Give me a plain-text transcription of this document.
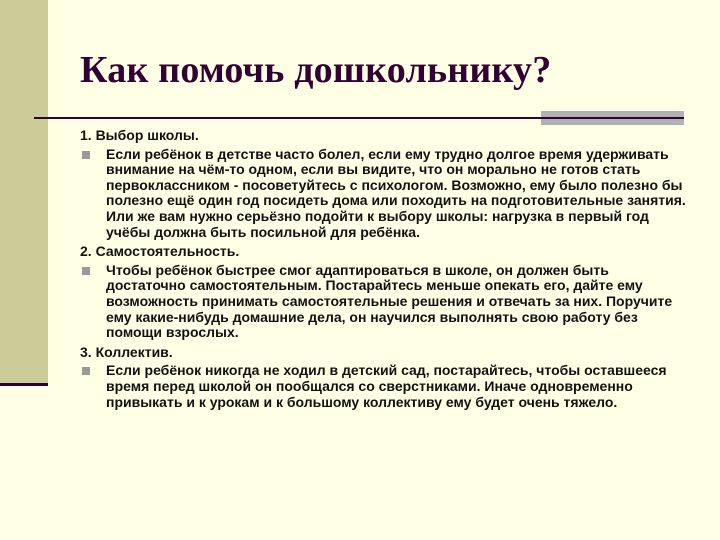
Как помочь дошкольнику?
1. Выбор школы.
Если ребёнок в детстве часто болел, если ему трудно долгое время удерживать внимание на чём-то одном, если вы видите, что он морально не готов стать первоклассником - посоветуйтесь с психологом. Возможно, ему было полезно бы полезно ещё один год посидеть дома или походить на подготовительные занятия. Или же вам нужно серьёзно подойти к выбору школы: нагрузка в первый год учёбы должна быть посильной для ребёнка.
2. Самостоятельность.
Чтобы ребёнок быстрее смог адаптироваться в школе, он должен быть достаточно самостоятельным. Постарайтесь меньше опекать его, дайте ему возможность принимать самостоятельные решения и отвечать за них. Поручите ему какие-нибудь домашние дела, он научился выполнять свою работу без помощи взрослых.
3. Коллектив.
Если ребёнок никогда не ходил в детский сад, постарайтесь, чтобы оставшееся время перед школой он пообщался со сверстниками. Иначе одновременно привыкать и к урокам и к большому коллективу ему будет очень тяжело.
